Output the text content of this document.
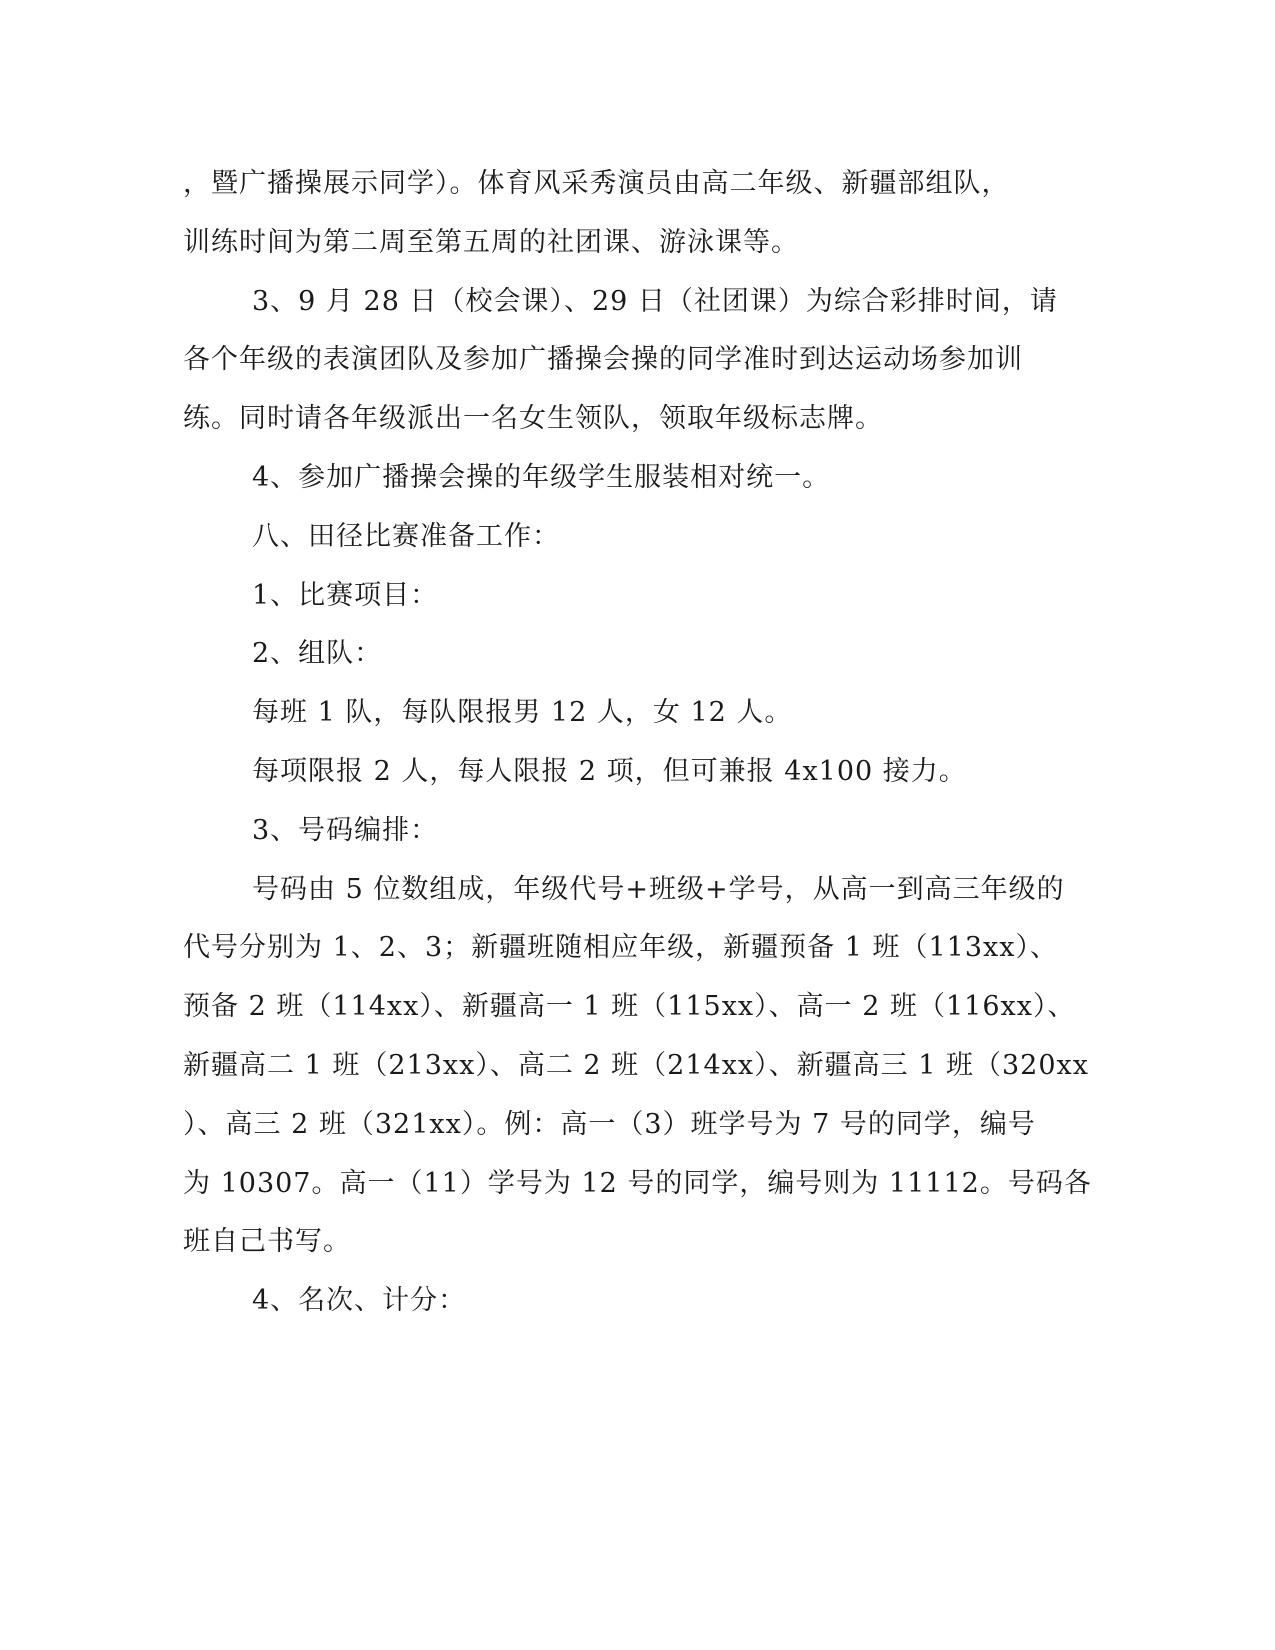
，暨广播操展示同学）。体育风采秀演员由高二年级、新疆部组队，
训练时间为第二周至第五周的社团课、游泳课等。
3、9 月 28 日（校会课）、29 日（社团课）为综合彩排时间，请
各个年级的表演团队及参加广播操会操的同学准时到达运动场参加训
练。同时请各年级派出一名女生领队，领取年级标志牌。
4、参加广播操会操的年级学生服装相对统一。
八、田径比赛准备工作：
1、比赛项目：
2、组队：
每班 1 队，每队限报男 12 人，女 12 人。
每项限报 2 人，每人限报 2 项，但可兼报 4x100 接力。
3、号码编排：
号码由 5 位数组成，年级代号+班级+学号，从高一到高三年级的
代号分别为 1、2、3；新疆班随相应年级，新疆预备 1 班（113xx）、
预备 2 班（114xx）、新疆高一 1 班（115xx）、高一 2 班（116xx）、
新疆高二 1 班（213xx）、高二 2 班（214xx）、新疆高三 1 班（320xx
）、高三 2 班（321xx）。例：高一（3）班学号为 7 号的同学，编号
为 10307。高一（11）学号为 12 号的同学，编号则为 11112。号码各
班自己书写。
4、名次、计分：
